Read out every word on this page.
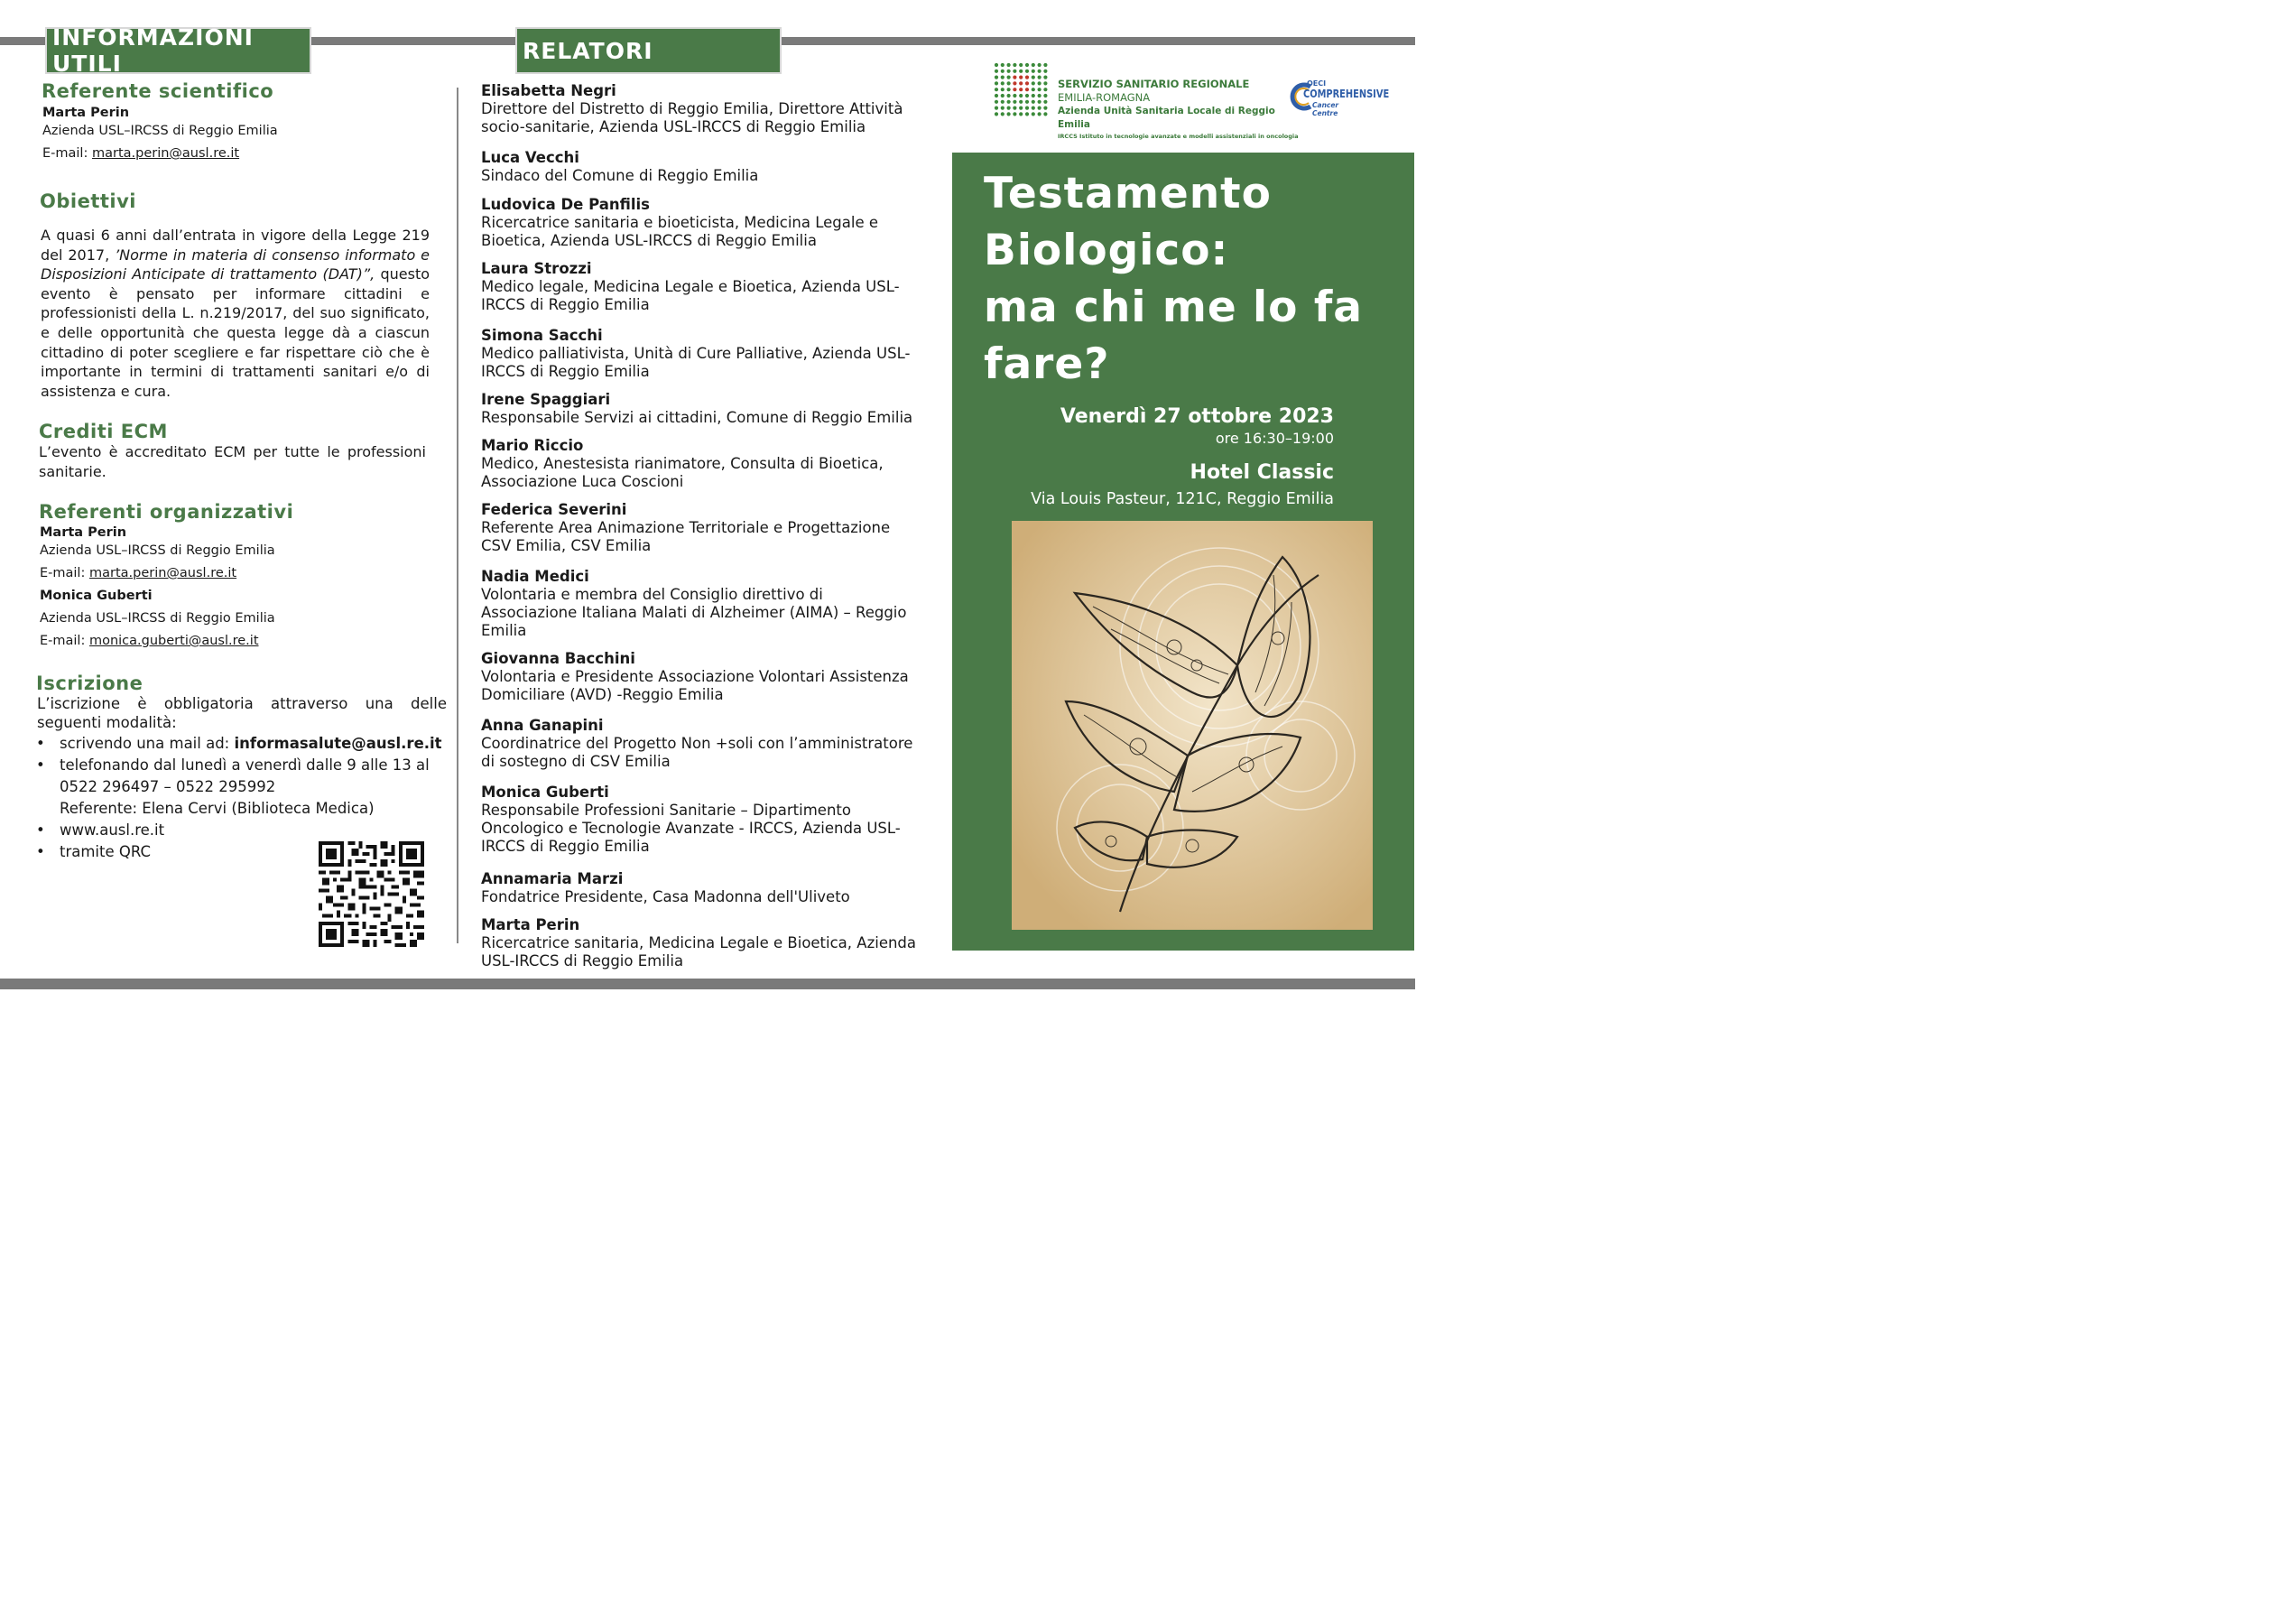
INFORMAZIONI UTILI
Referente scientifico
Marta Perin
Azienda USL–IRCSS di Reggio Emilia
E-mail: marta.perin@ausl.re.it
Obiettivi
A quasi 6 anni dall’entrata in vigore della Legge 219 del 2017, ’Norme in materia di consenso informato e Disposizioni Anticipate di trattamento (DAT)”, questo evento è pensato per informare cittadini e professionisti della L. n.219/2017, del suo significato, e delle opportunità che questa legge dà a ciascun cittadino di poter scegliere e far rispettare ciò che è importante in termini di trattamenti sanitari e/o di assistenza e cura.
Crediti ECM
L’evento è accreditato ECM per tutte le professioni sanitarie.
Referenti organizzativi
Marta Perin
Azienda USL–IRCSS di Reggio Emilia
E-mail: marta.perin@ausl.re.it
Monica Guberti
Azienda USL–IRCSS di Reggio Emilia
E-mail: monica.guberti@ausl.re.it
Iscrizione
L’iscrizione è obbligatoria attraverso una delle seguenti modalità:
• scrivendo una mail ad: informasalute@ausl.re.it
• telefonando dal lunedì a venerdì dalle 9 alle 13 al 0522 296497 – 0522 295992
Referente: Elena Cervi (Biblioteca Medica)
• www.ausl.re.it
• tramite QRC
RELATORI
Elisabetta Negri
Direttore del Distretto di Reggio Emilia, Direttore Attività socio-sanitarie, Azienda USL-IRCCS di Reggio Emilia
Luca Vecchi
Sindaco del Comune di Reggio Emilia
Ludovica De Panfilis
Ricercatrice sanitaria e bioeticista, Medicina Legale e Bioetica, Azienda USL-IRCCS di Reggio Emilia
Laura Strozzi
Medico legale, Medicina Legale e Bioetica, Azienda USL-IRCCS di Reggio Emilia
Simona Sacchi
Medico palliativista, Unità di Cure Palliative, Azienda USL-IRCCS di Reggio Emilia
Irene Spaggiari
Responsabile Servizi ai cittadini, Comune di Reggio Emilia
Mario Riccio
Medico, Anestesista rianimatore, Consulta di Bioetica, Associazione Luca Coscioni
Federica Severini
Referente Area Animazione Territoriale e Progettazione CSV Emilia, CSV Emilia
Nadia Medici
Volontaria e membra del Consiglio direttivo di Associazione Italiana Malati di Alzheimer (AIMA) – Reggio Emilia
Giovanna Bacchini
Volontaria e Presidente Associazione Volontari Assistenza Domiciliare (AVD) -Reggio Emilia
Anna Ganapini
Coordinatrice del Progetto Non +soli con l’amministratore di sostegno di CSV Emilia
Monica Guberti
Responsabile Professioni Sanitarie – Dipartimento Oncologico e Tecnologie Avanzate - IRCCS, Azienda USL-IRCCS di Reggio Emilia
Annamaria Marzi
Fondatrice Presidente, Casa Madonna dell'Uliveto
Marta Perin
Ricercatrice sanitaria, Medicina Legale e Bioetica, Azienda USL-IRCCS di Reggio Emilia
SERVIZIO SANITARIO REGIONALE
EMILIA-ROMAGNA
Azienda Unità Sanitaria Locale di Reggio Emilia
IRCCS Istituto in tecnologie avanzate e modelli assistenziali in oncologia
OECI
COMPREHENSIVE
Cancer Centre
Testamento
Biologico:
ma chi me lo fa
fare?
Venerdì 27 ottobre 2023
ore 16:30–19:00
Hotel Classic
Via Louis Pasteur, 121C, Reggio Emilia
